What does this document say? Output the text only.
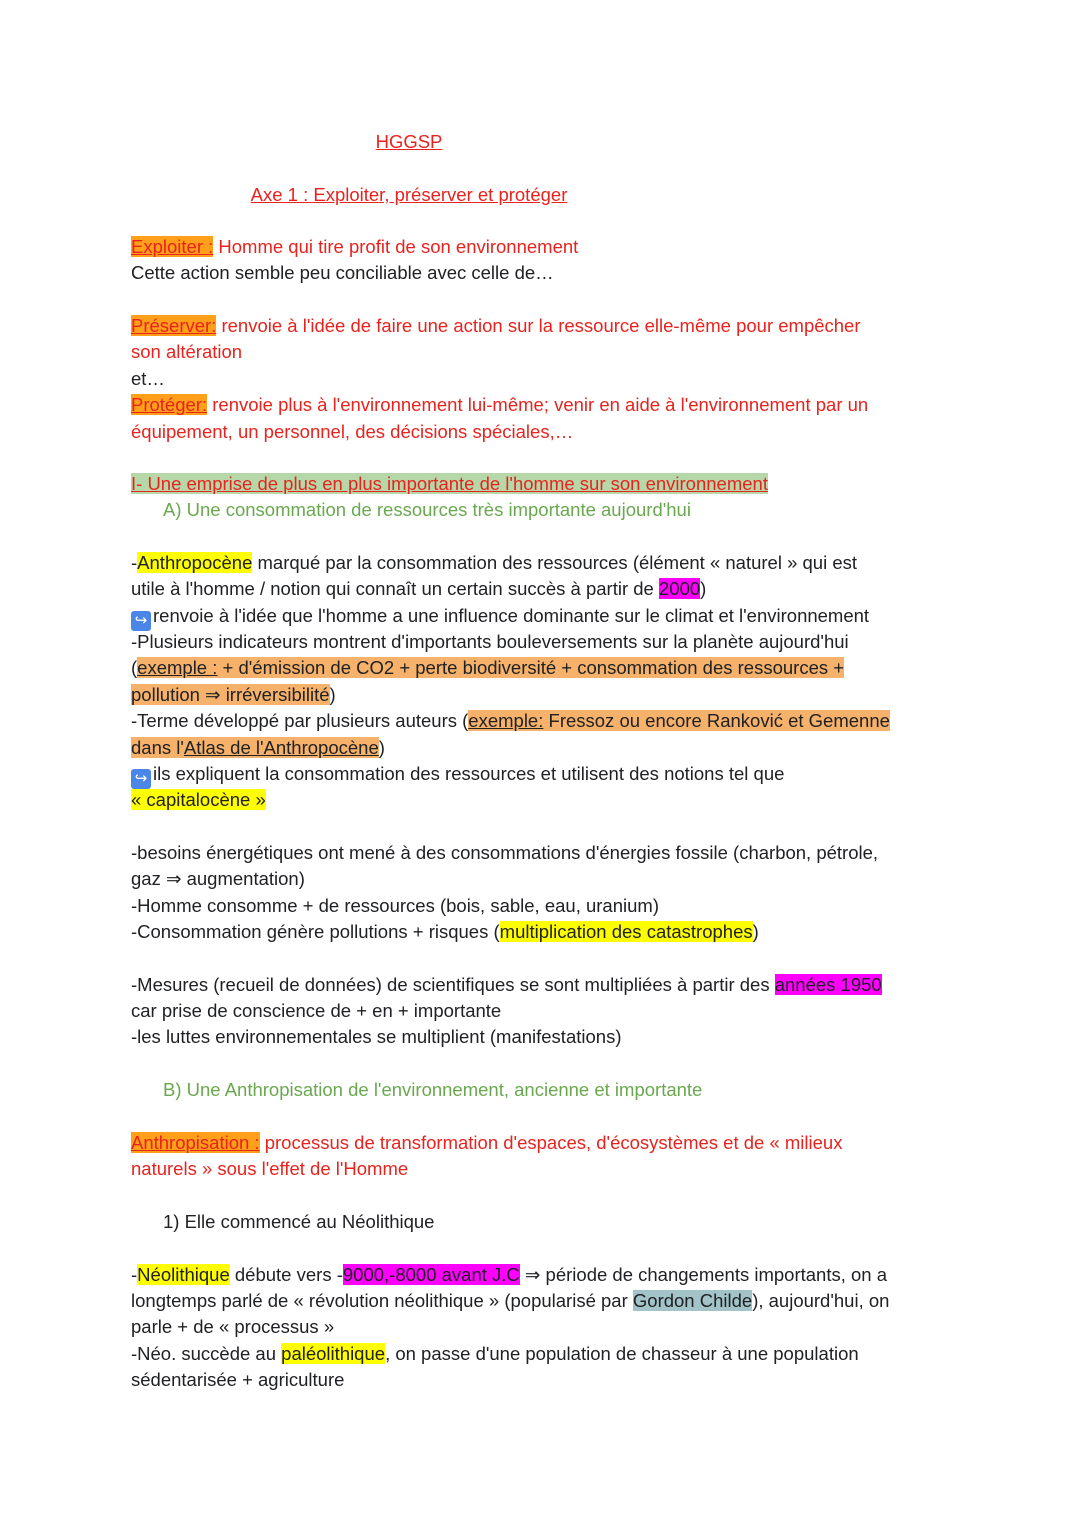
HGGSP
Axe 1 : Exploiter, préserver et protéger
Exploiter : Homme qui tire profit de son environnement
Cette action semble peu conciliable avec celle de…
Préserver: renvoie à l'idée de faire une action sur la ressource elle-même pour empêcher
son altération
et…
Protéger: renvoie plus à l'environnement lui-même; venir en aide à l'environnement par un
équipement, un personnel, des décisions spéciales,…
I- Une emprise de plus en plus importante de l'homme sur son environnement
A) Une consommation de ressources très importante aujourd'hui
-Anthropocène marqué par la consommation des ressources (élément « naturel » qui est
utile à l'homme / notion qui connaît un certain succès à partir de 2000)
↪ renvoie à l'idée que l'homme a une influence dominante sur le climat et l'environnement
-Plusieurs indicateurs montrent d'importants bouleversements sur la planète aujourd'hui
(exemple : + d'émission de CO2 + perte biodiversité + consommation des ressources +
pollution ⇒ irréversibilité)
-Terme développé par plusieurs auteurs (exemple: Fressoz ou encore Ranković et Gemenne
dans l'Atlas de l'Anthropocène)
↪ ils expliquent la consommation des ressources et utilisent des notions tel que
« capitalocène »
-besoins énergétiques ont mené à des consommations d'énergies fossile (charbon, pétrole,
gaz ⇒ augmentation)
-Homme consomme + de ressources (bois, sable, eau, uranium)
-Consommation génère pollutions + risques (multiplication des catastrophes)
-Mesures (recueil de données) de scientifiques se sont multipliées à partir des années 1950
car prise de conscience de + en + importante
-les luttes environnementales se multiplient (manifestations)
B) Une Anthropisation de l'environnement, ancienne et importante
Anthropisation : processus de transformation d'espaces, d'écosystèmes et de « milieux
naturels » sous l'effet de l'Homme
1) Elle commencé au Néolithique
-Néolithique débute vers -9000,-8000 avant J.C ⇒ période de changements importants, on a
longtemps parlé de « révolution néolithique » (popularisé par Gordon Childe), aujourd'hui, on
parle + de « processus »
-Néo. succède au paléolithique, on passe d'une population de chasseur à une population
sédentarisée + agriculture
